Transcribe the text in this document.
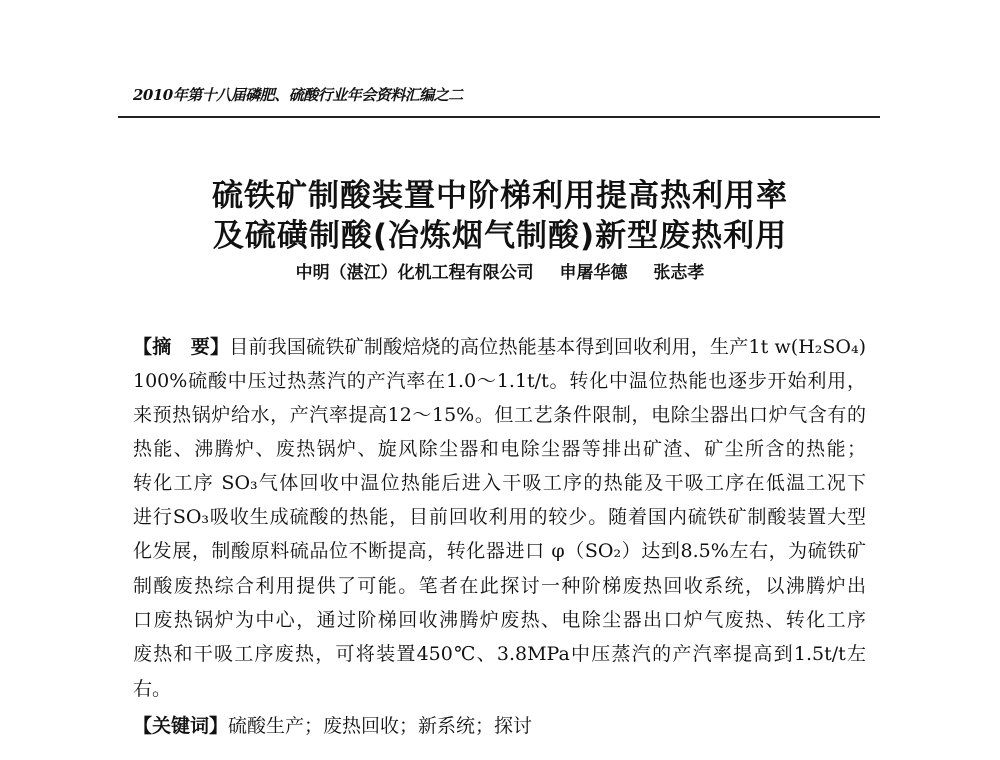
2010年第十八届磷肥、硫酸行业年会资料汇编之二
硫铁矿制酸装置中阶梯利用提高热利用率
及硫磺制酸(冶炼烟气制酸)新型废热利用
中明（湛江）化机工程有限公司 申屠华德 张志孝
【摘　要】目前我国硫铁矿制酸焙烧的高位热能基本得到回收利用，生产1t w(H₂SO₄)
100%硫酸中压过热蒸汽的产汽率在1.0～1.1t/t。转化中温位热能也逐步开始利用，
来预热锅炉给水，产汽率提高12～15%。但工艺条件限制，电除尘器出口炉气含有的
热能、沸腾炉、废热锅炉、旋风除尘器和电除尘器等排出矿渣、矿尘所含的热能；
转化工序 SO₃气体回收中温位热能后进入干吸工序的热能及干吸工序在低温工况下
进行SO₃吸收生成硫酸的热能，目前回收利用的较少。随着国内硫铁矿制酸装置大型
化发展，制酸原料硫品位不断提高，转化器进口 φ（SO₂）达到8.5%左右，为硫铁矿
制酸废热综合利用提供了可能。笔者在此探讨一种阶梯废热回收系统，以沸腾炉出
口废热锅炉为中心，通过阶梯回收沸腾炉废热、电除尘器出口炉气废热、转化工序
废热和干吸工序废热，可将装置450℃、3.8MPa中压蒸汽的产汽率提高到1.5t/t左
右。
【关键词】硫酸生产；废热回收；新系统；探讨
